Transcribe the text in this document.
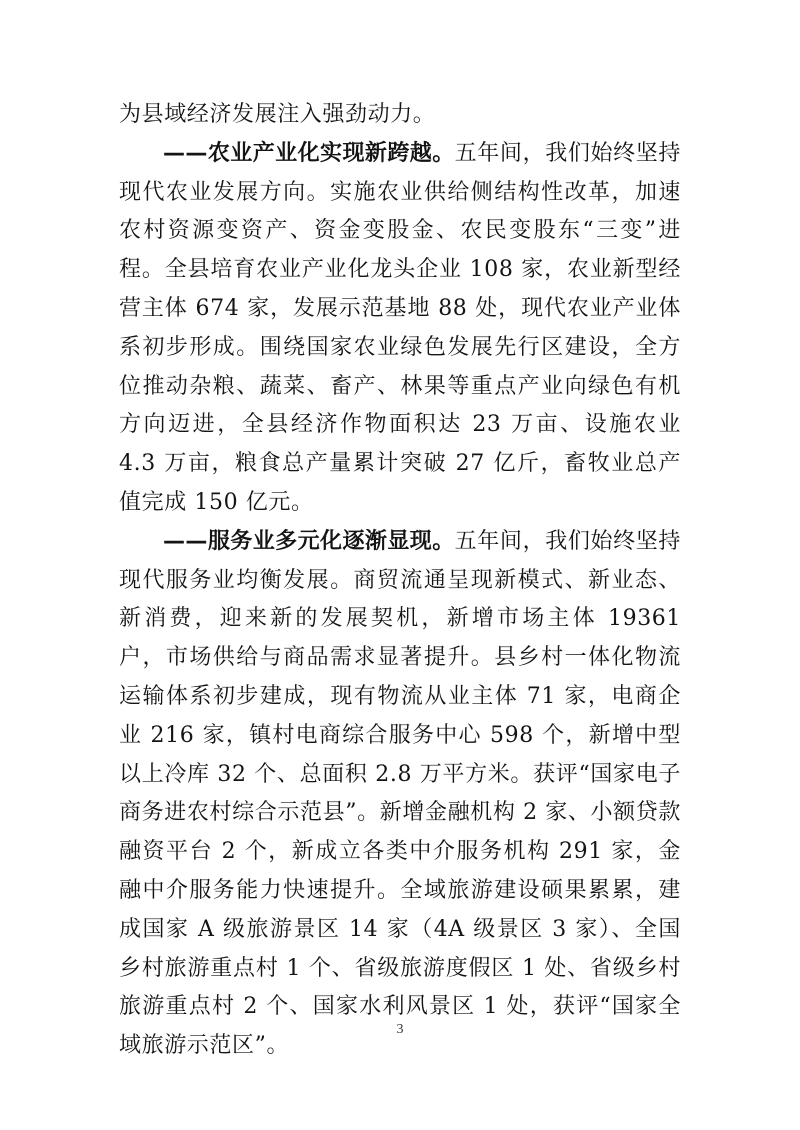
为县域经济发展注入强劲动力。

——农业产业化实现新跨越。五年间，我们始终坚持现代农业发展方向。实施农业供给侧结构性改革，加速农村资源变资产、资金变股金、农民变股东“三变”进程。全县培育农业产业化龙头企业 108 家，农业新型经营主体 674 家，发展示范基地 88 处，现代农业产业体系初步形成。围绕国家农业绿色发展先行区建设，全方位推动杂粮、蔬菜、畜产、林果等重点产业向绿色有机方向迈进，全县经济作物面积达 23 万亩、设施农业 4.3 万亩，粮食总产量累计突破 27 亿斤，畜牧业总产值完成 150 亿元。

——服务业多元化逐渐显现。五年间，我们始终坚持现代服务业均衡发展。商贸流通呈现新模式、新业态、新消费，迎来新的发展契机，新增市场主体 19361 户，市场供给与商品需求显著提升。县乡村一体化物流运输体系初步建成，现有物流从业主体 71 家，电商企业 216 家，镇村电商综合服务中心 598 个，新增中型以上冷库 32 个、总面积 2.8 万平方米。获评“国家电子商务进农村综合示范县”。新增金融机构 2 家、小额贷款融资平台 2 个，新成立各类中介服务机构 291 家，金融中介服务能力快速提升。全域旅游建设硕果累累，建成国家 A 级旅游景区 14 家（4A 级景区 3 家）、全国乡村旅游重点村 1 个、省级旅游度假区 1 处、省级乡村旅游重点村 2 个、国家水利风景区 1 处，获评“国家全域旅游示范区”。

3
